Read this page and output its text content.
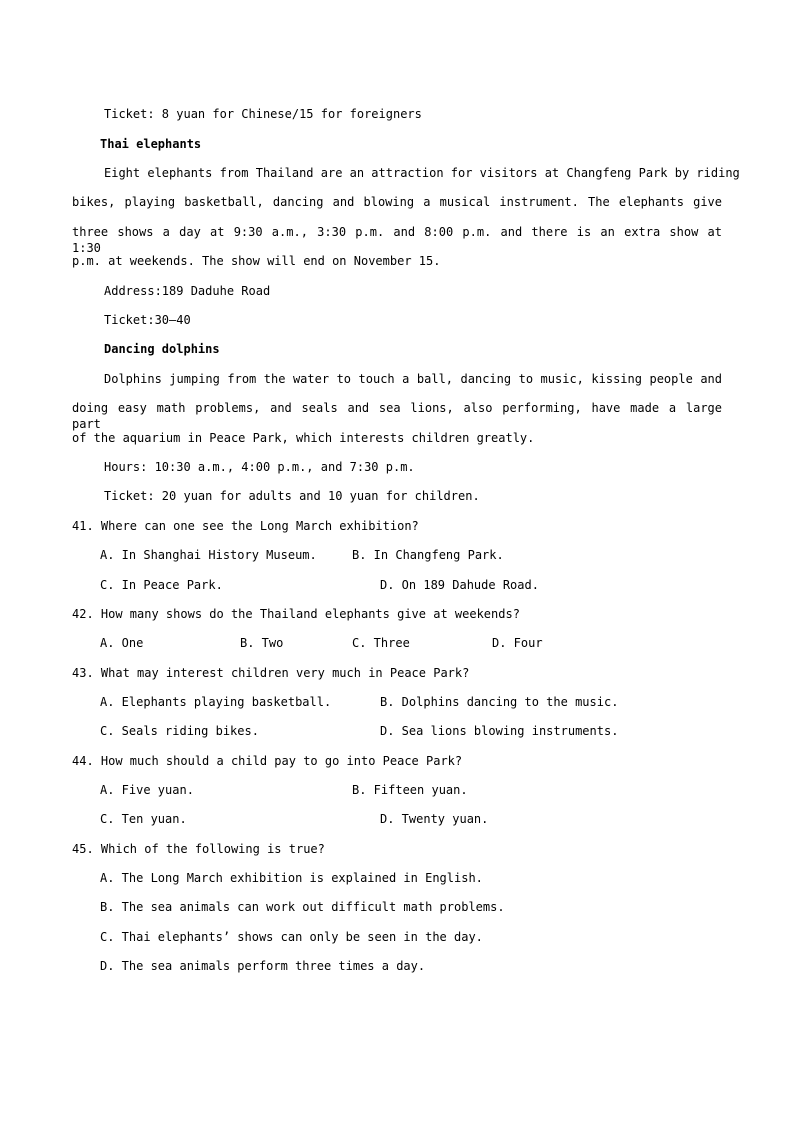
Ticket: 8 yuan for Chinese/15 for foreigners
Thai elephants
Eight elephants from Thailand are an attraction for visitors at Changfeng Park by riding
bikes, playing basketball, dancing and blowing a musical instrument. The elephants give
three shows a day at 9:30 a.m., 3:30 p.m. and 8:00 p.m. and there is an extra show at 1:30
p.m. at weekends. The show will end on November 15.
Address:189 Daduhe Road
Ticket:30—40
Dancing dolphins
Dolphins jumping from the water to touch a ball, dancing to music, kissing people and
doing easy math problems, and seals and sea lions, also performing, have made a large part
of the aquarium in Peace Park, which interests children greatly.
Hours: 10:30 a.m., 4:00 p.m., and 7:30 p.m.
Ticket: 20 yuan for adults and 10 yuan for children.
41. Where can one see the Long March exhibition?
A. In Shanghai History Museum.	B. In Changfeng Park.
C. In Peace Park.	D. On 189 Dahude Road.
42. How many shows do the Thailand elephants give at weekends?
A. One	B. Two	C. Three	D. Four
43. What may interest children very much in Peace Park?
A. Elephants playing basketball.	B. Dolphins dancing to the music.
C. Seals riding bikes.	D. Sea lions blowing instruments.
44. How much should a child pay to go into Peace Park?
A. Five yuan.	B. Fifteen yuan.
C. Ten yuan.	D. Twenty yuan.
45. Which of the following is true?
A. The Long March exhibition is explained in English.
B. The sea animals can work out difficult math problems.
C. Thai elephants’ shows can only be seen in the day.
D. The sea animals perform three times a day.
